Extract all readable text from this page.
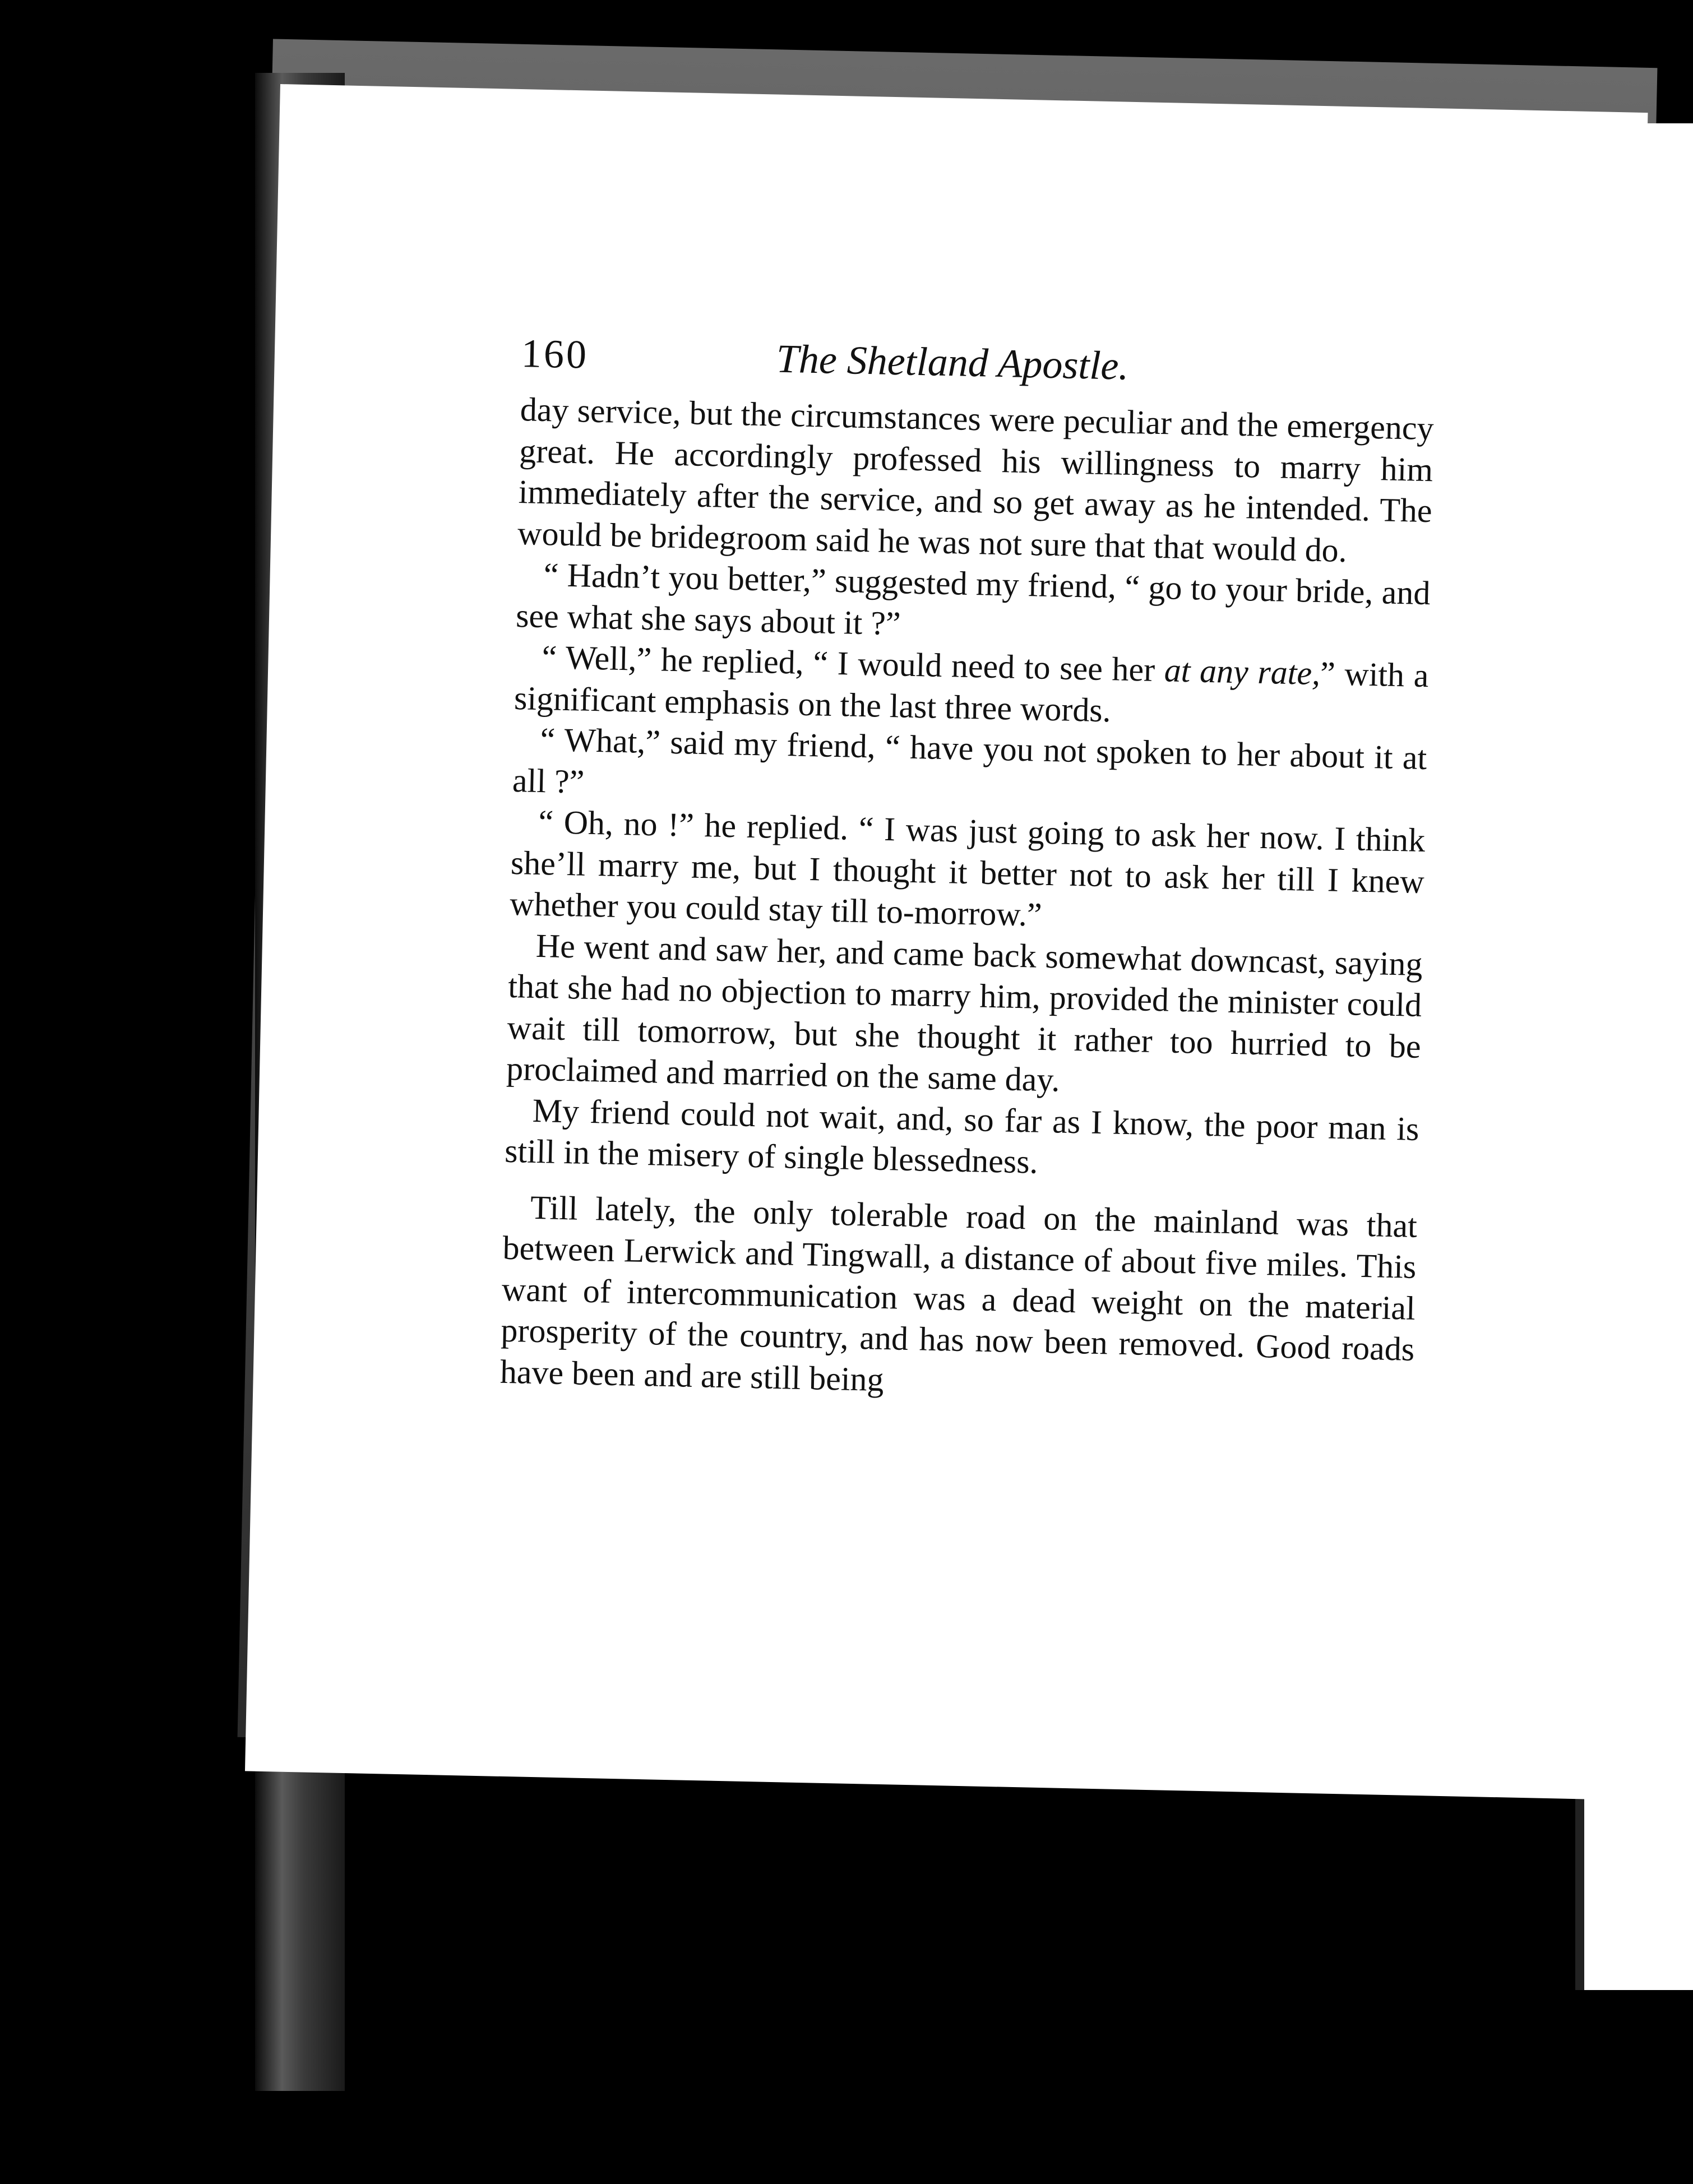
160	The Shetland Apostle.

day service, but the circumstances were peculiar and the emergency great. He accordingly professed his willingness to marry him immediately after the service, and so get away as he intended. The would be bridegroom said he was not sure that that would do.

“ Hadn’t you better,” suggested my friend, “ go to your bride, and see what she says about it ?”

“ Well,” he replied, “ I would need to see her at any rate,” with a significant emphasis on the last three words.

“ What,” said my friend, “ have you not spoken to her about it at all ?”

“ Oh, no !” he replied. “ I was just going to ask her now. I think she’ll marry me, but I thought it better not to ask her till I knew whether you could stay till to-morrow.”

He went and saw her, and came back somewhat downcast, saying that she had no objection to marry him, provided the minister could wait till tomorrow, but she thought it rather too hurried to be proclaimed and married on the same day.

My friend could not wait, and, so far as I know, the poor man is still in the misery of single blessedness.

Till lately, the only tolerable road on the mainland was that between Lerwick and Tingwall, a distance of about five miles. This want of intercommunication was a dead weight on the material prosperity of the country, and has now been removed. Good roads have been and are still being
